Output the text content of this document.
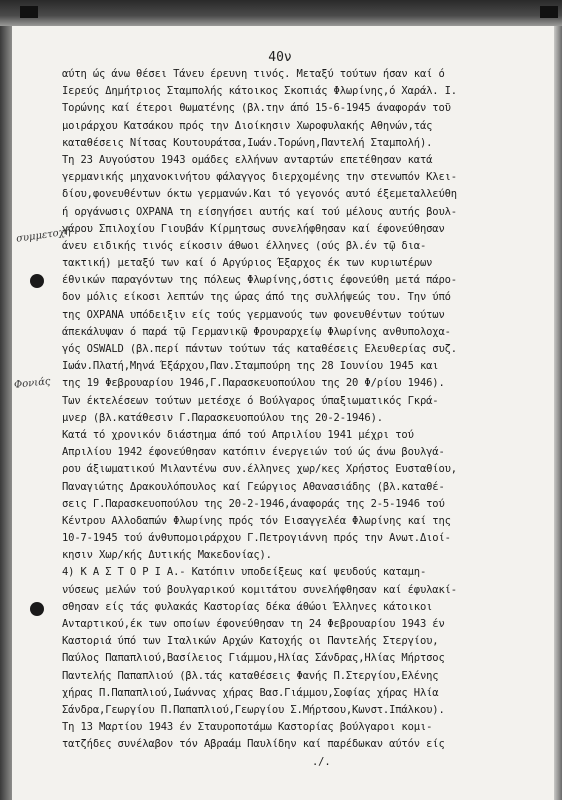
40ν
συμμετοχή
Φονιάς
αύτη ώς άνω θέσει Τάνευ έρευνη τινός. Μεταξύ τούτων ήσαν καί ό
Ιερεύς Δημήτριος Σταμπολής κάτοικος Σκοπιάς Φλωρίνης,ό Χαράλ. Ι.
Τορώνης καί έτεροι θωματένης (βλ.την άπό 15-6-1945 άναφοράν τοῦ
μοιράρχου Κατσάκου πρός την Διοίκησιν Χωροφυλακής Αθηνών,τάς
καταθέσεις Νίτσας Κουτουράτσα,Ιωάν.Τορώνη,Παντελή Σταμπολή).
Τη 23 Αυγούστου 1943 ομάδες ελλήνων ανταρτών επετέθησαν κατά
γερμανικής μηχανοκινήτου φάλαγγος διερχομένης την στενωπόν Κλει-
δίου,φονευθέντων όκτω γερμανών.Και τό γεγονός αυτό έξεμεταλλεύθη
ή οργάνωσις ΟΧΡΑΝΑ τη είσηγήσει αυτής καί τού μέλους αυτής βουλ-
γάρου Σπιλοχίου Γιουβάν Κίρμητσως συνελήφθησαν καί έφονεύθησαν
άνευ ειδικής τινός είκοσιν άθωοι έλληνες (ούς βλ.έν τῷ δια-
τακτική) μεταξύ των καί ό Αργύριος Έξαρχος έκ των κυριωτέρων
έθνικών παραγόντων της πόλεως Φλωρίνης,όστις έφονεύθη μετά πάρο-
δον μόλις είκοσι λεπτών της ώρας άπό της συλλήψεώς του. Την ύπό
της ΟΧΡΑΝΑ υπόδειξιν είς τούς γερμανούς των φονευθέντων τούτων
άπεκάλυψαν ό παρά τῷ Γερμανικῷ Φρουραρχείῳ Φλωρίνης ανθυπολοχα-
γός OSWALD (βλ.περί πάντων τούτων τάς καταθέσεις Ελευθερίας συζ.
Ιωάν.Πλατή,Μηνά Έξάρχου,Παν.Σταμπούρη της 28 Ιουνίου 1945 και
της 19 Φεβρουαρίου 1946,Γ.Παρασκευοπούλου της 20 Φ/ρίου 1946).
Των έκτελέσεων τούτων μετέσχε ό Βούλγαρος ύπαξιωματικός Γκρά-
μνερ (βλ.κατάθεσιν Γ.Παρασκευοπούλου της 20-2-1946).
Κατά τό χρονικόν διάστημα άπό τού Απριλίου 1941 μέχρι τού
Απριλίου 1942 έφονεύθησαν κατόπιν ένεργειών τού ώς άνω βουλγά-
ρου άξιωματικού Μιλαντένω συν.έλληνες χωρ/κες Χρήστος Ευσταθίου,
Παναγιώτης Δρακουλόπουλος καί Γεώργιος Αθανασιάδης (βλ.καταθέ-
σεις Γ.Παρασκευοπούλου της 20-2-1946,άναφοράς της 2-5-1946 τού
Κέντρου Αλλοδαπών Φλωρίνης πρός τόν Εισαγγελέα Φλωρίνης καί της
10-7-1945 τού άνθυπομοιράρχου Γ.Πετρογιάννη πρός την Ανωτ.Διοί-
κησιν Χωρ/κής Δυτικής Μακεδονίας).
4) Κ Α Σ Τ Ο Ρ Ι Α.- Κατόπιν υποδείξεως καί ψευδούς καταμη-
νύσεως μελών τού βουλγαρικού κομιτάτου συνελήφθησαν καί έφυλακί-
σθησαν είς τάς φυλακάς Καστορίας δέκα άθώοι Έλληνες κάτοικοι
Ανταρτικού,έκ των οποίων έφονεύθησαν τη 24 Φεβρουαρίου 1943 έν
Καστοριά ύπό των Ιταλικών Αρχών Κατοχής οι Παντελής Στεργίου,
Παύλος Παπαπλιού,Βασίλειος Γιάμμου,Ηλίας Σάνδρας,Ηλίας Μήρτσος
Παντελής Παπαπλιού (βλ.τάς καταθέσεις Φανής Π.Στεργίου,Ελένης
χήρας Π.Παπαπλιού,Ιωάννας χήρας Βασ.Γιάμμου,Σοφίας χήρας Ηλία
Σάνδρα,Γεωργίου Π.Παπαπλιού,Γεωργίου Σ.Μήρτσου,Κωνστ.Ιπάλκου).
Τη 13 Μαρτίου 1943 έν Σταυροποτάμω Καστορίας βούλγαροι κομι-
τατζήδες συνέλαβον τόν Αβραάμ Παυλίδην καί παρέδωκαν αύτόν είς
./.
